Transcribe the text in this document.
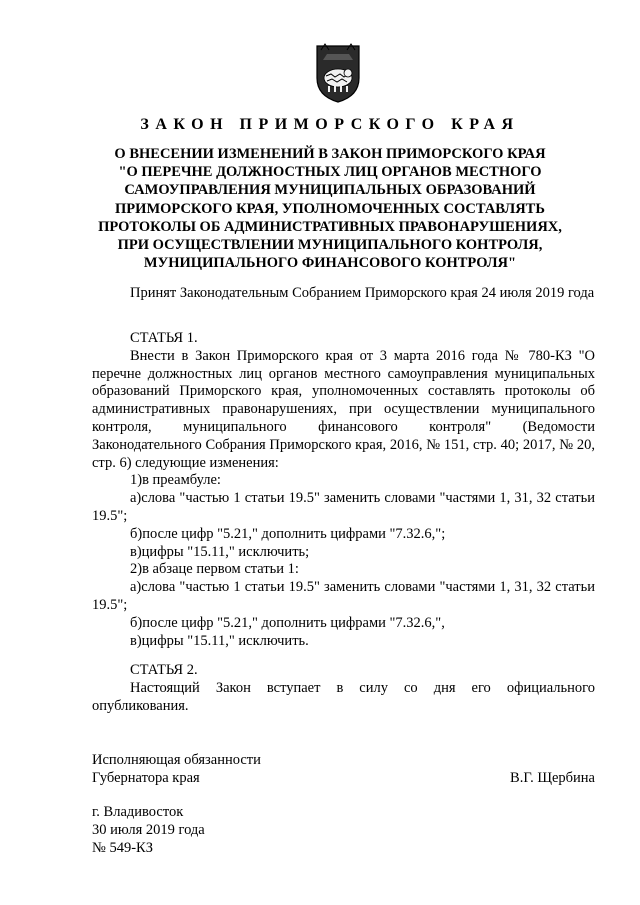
ЗАКОН ПРИМОРСКОГО КРАЯ
О ВНЕСЕНИИ ИЗМЕНЕНИЙ В ЗАКОН ПРИМОРСКОГО КРАЯ
"О ПЕРЕЧНЕ ДОЛЖНОСТНЫХ ЛИЦ ОРГАНОВ МЕСТНОГО
САМОУПРАВЛЕНИЯ МУНИЦИПАЛЬНЫХ ОБРАЗОВАНИЙ
ПРИМОРСКОГО КРАЯ, УПОЛНОМОЧЕННЫХ СОСТАВЛЯТЬ
ПРОТОКОЛЫ ОБ АДМИНИСТРАТИВНЫХ ПРАВОНАРУШЕНИЯХ,
ПРИ ОСУЩЕСТВЛЕНИИ МУНИЦИПАЛЬНОГО КОНТРОЛЯ,
МУНИЦИПАЛЬНОГО ФИНАНСОВОГО КОНТРОЛЯ"

Принят Законодательным Собранием Приморского края 24 июля 2019 года

СТАТЬЯ 1.

Внести в Закон Приморского края от 3 марта 2016 года № 780-КЗ "О перечне должностных лиц органов местного самоуправления муниципальных образований Приморского края, уполномоченных составлять протоколы об административных правонарушениях, при осуществлении муниципального контроля, муниципального финансового контроля" (Ведомости Законодательного Собрания Приморского края, 2016, № 151, стр. 40; 2017, № 20, стр. 6) следующие изменения:

1)в преамбуле:

а)слова "частью 1 статьи 19.5" заменить словами "частями 1, 31, 32 статьи 19.5";

б)после цифр "5.21," дополнить цифрами "7.32.6,";

в)цифры "15.11," исключить;

2)в абзаце первом статьи 1:

а)слова "частью 1 статьи 19.5" заменить словами "частями 1, 31, 32 статьи 19.5";

б)после цифр "5.21," дополнить цифрами "7.32.6,",

в)цифры "15.11," исключить.

СТАТЬЯ 2.

Настоящий Закон вступает в силу со дня его официального опубликования.

Исполняющая обязанности
Губернатора края	В.Г. Щербина
г. Владивосток
30 июля 2019 года
№ 549-КЗ
